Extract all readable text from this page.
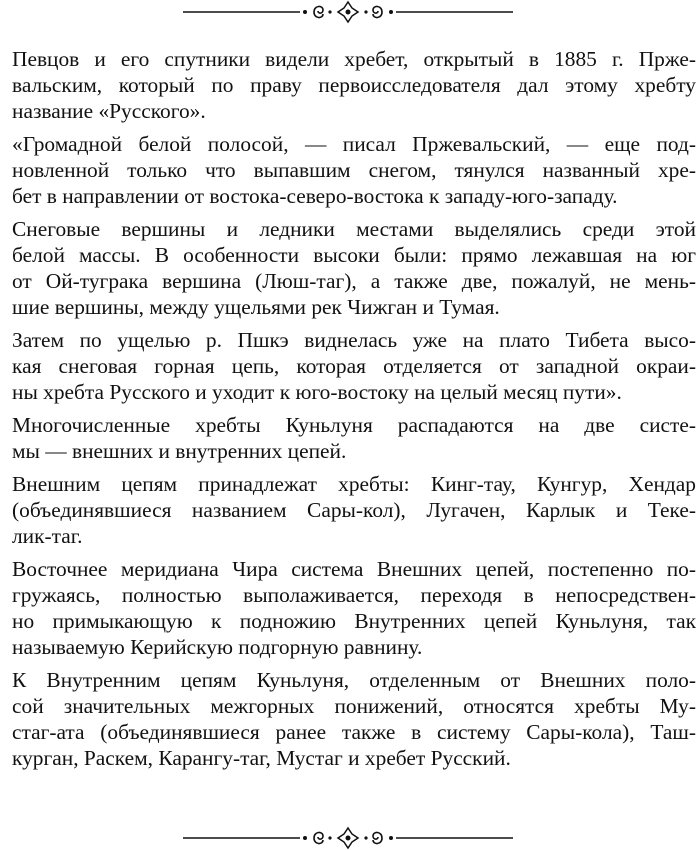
Певцов и его спутники видели хребет, открытый в 1885 г. Прже-
вальским, который по праву первоисследователя дал этому хребту
название «Русского».

«Громадной белой полосой, — писал Пржевальский, — еще под-
новленной только что выпавшим снегом, тянулся названный хре-
бет в направлении от востока-северо-востока к западу-юго-западу.

Снеговые вершины и ледники местами выделялись среди этой
белой массы. В особенности высоки были: прямо лежавшая на юг
от Ой-туграка вершина (Люш-таг), а также две, пожалуй, не мень-
шие вершины, между ущельями рек Чижган и Тумая.

Затем по ущелью р. Пшкэ виднелась уже на плато Тибета высо-
кая снеговая горная цепь, которая отделяется от западной окраи-
ны хребта Русского и уходит к юго-востоку на целый месяц пути».

Многочисленные хребты Куньлуня распадаются на две систе-
мы — внешних и внутренних цепей.

Внешним цепям принадлежат хребты: Кинг-тау, Кунгур, Хендар
(объединявшиеся названием Сары-кол), Лугачен, Карлык и Теке-
лик-таг.

Восточнее меридиана Чира система Внешних цепей, постепенно по-
гружаясь, полностью выполаживается, переходя в непосредствен-
но примыкающую к подножию Внутренних цепей Куньлуня, так
называемую Керийскую подгорную равнину.

К Внутренним цепям Куньлуня, отделенным от Внешних поло-
сой значительных межгорных понижений, относятся хребты Му-
стаг-ата (объединявшиеся ранее также в систему Сары-кола), Таш-
курган, Раскем, Карангу-таг, Мустаг и хребет Русский.
